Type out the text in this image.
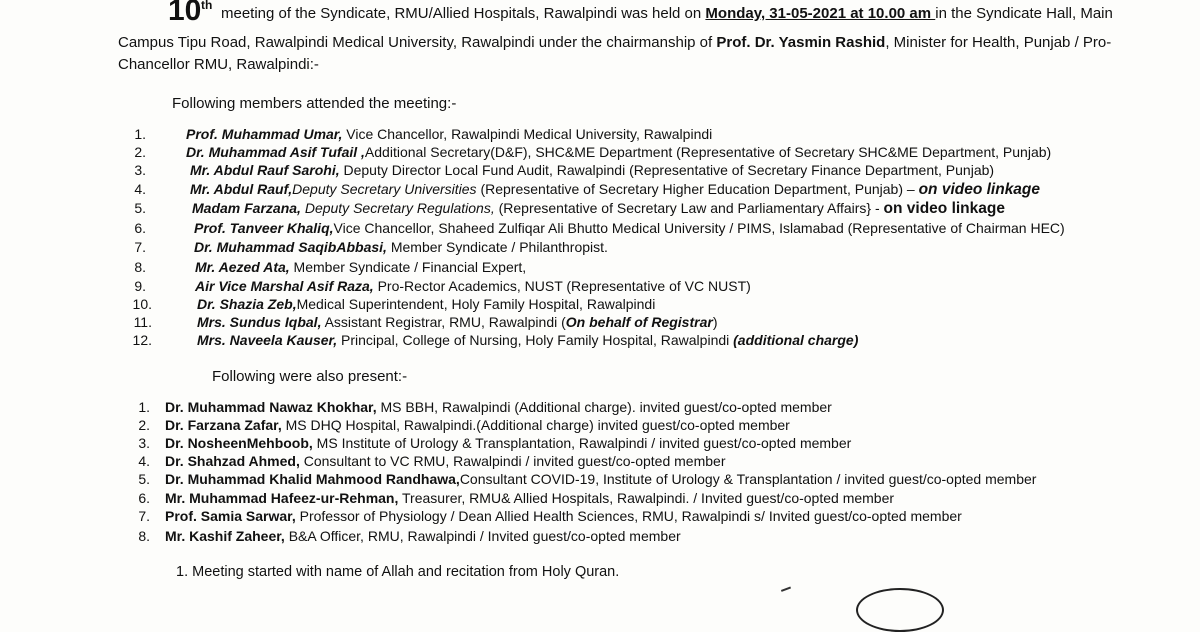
10 th meeting of the Syndicate, RMU/Allied Hospitals, Rawalpindi was held on Monday, 31-05-2021 at 10.00 am in the Syndicate Hall, Main
Campus Tipu Road, Rawalpindi Medical University, Rawalpindi under the chairmanship of Prof. Dr. Yasmin Rashid, Minister for Health, Punjab / Pro-
Chancellor RMU, Rawalpindi:-
Following members attended the meeting:-
1.	Prof. Muhammad Umar, Vice Chancellor, Rawalpindi Medical University, Rawalpindi
2.	Dr. Muhammad Asif Tufail ,Additional Secretary(D&F), SHC&ME Department (Representative of Secretary SHC&ME Department, Punjab)
3.	Mr. Abdul Rauf Sarohi, Deputy Director Local Fund Audit, Rawalpindi (Representative of Secretary Finance Department, Punjab)
4.	Mr. Abdul Rauf,Deputy Secretary Universities (Representative of Secretary Higher Education Department, Punjab) – on video linkage
5.	Madam Farzana, Deputy Secretary Regulations, (Representative of Secretary Law and Parliamentary Affairs} - on video linkage
6.	Prof. Tanveer Khaliq,Vice Chancellor, Shaheed Zulfiqar Ali Bhutto Medical University / PIMS, Islamabad (Representative of Chairman HEC)
7.	Dr. Muhammad SaqibAbbasi, Member Syndicate / Philanthropist.
8.	Mr. Aezed Ata, Member Syndicate / Financial Expert,
9.	Air Vice Marshal Asif Raza, Pro-Rector Academics, NUST (Representative of VC NUST)
10.	Dr. Shazia Zeb,Medical Superintendent, Holy Family Hospital, Rawalpindi
11.	Mrs. Sundus Iqbal, Assistant Registrar, RMU, Rawalpindi (On behalf of Registrar)
12.	Mrs. Naveela Kauser, Principal, College of Nursing, Holy Family Hospital, Rawalpindi (additional charge)
Following were also present:-
1. Dr. Muhammad Nawaz Khokhar, MS BBH, Rawalpindi (Additional charge). invited guest/co-opted member
2. Dr. Farzana Zafar, MS DHQ Hospital, Rawalpindi.(Additional charge) invited guest/co-opted member
3. Dr. NosheenMehboob, MS Institute of Urology & Transplantation, Rawalpindi / invited guest/co-opted member
4. Dr. Shahzad Ahmed, Consultant to VC RMU, Rawalpindi / invited guest/co-opted member
5. Dr. Muhammad Khalid Mahmood Randhawa,Consultant COVID-19, Institute of Urology & Transplantation / invited guest/co-opted member
6. Mr. Muhammad Hafeez-ur-Rehman, Treasurer, RMU& Allied Hospitals, Rawalpindi. / Invited guest/co-opted member
7. Prof. Samia Sarwar, Professor of Physiology / Dean Allied Health Sciences, RMU, Rawalpindi s/ Invited guest/co-opted member
8. Mr. Kashif Zaheer, B&A Officer, RMU, Rawalpindi / Invited guest/co-opted member
1. Meeting started with name of Allah and recitation from Holy Quran.
